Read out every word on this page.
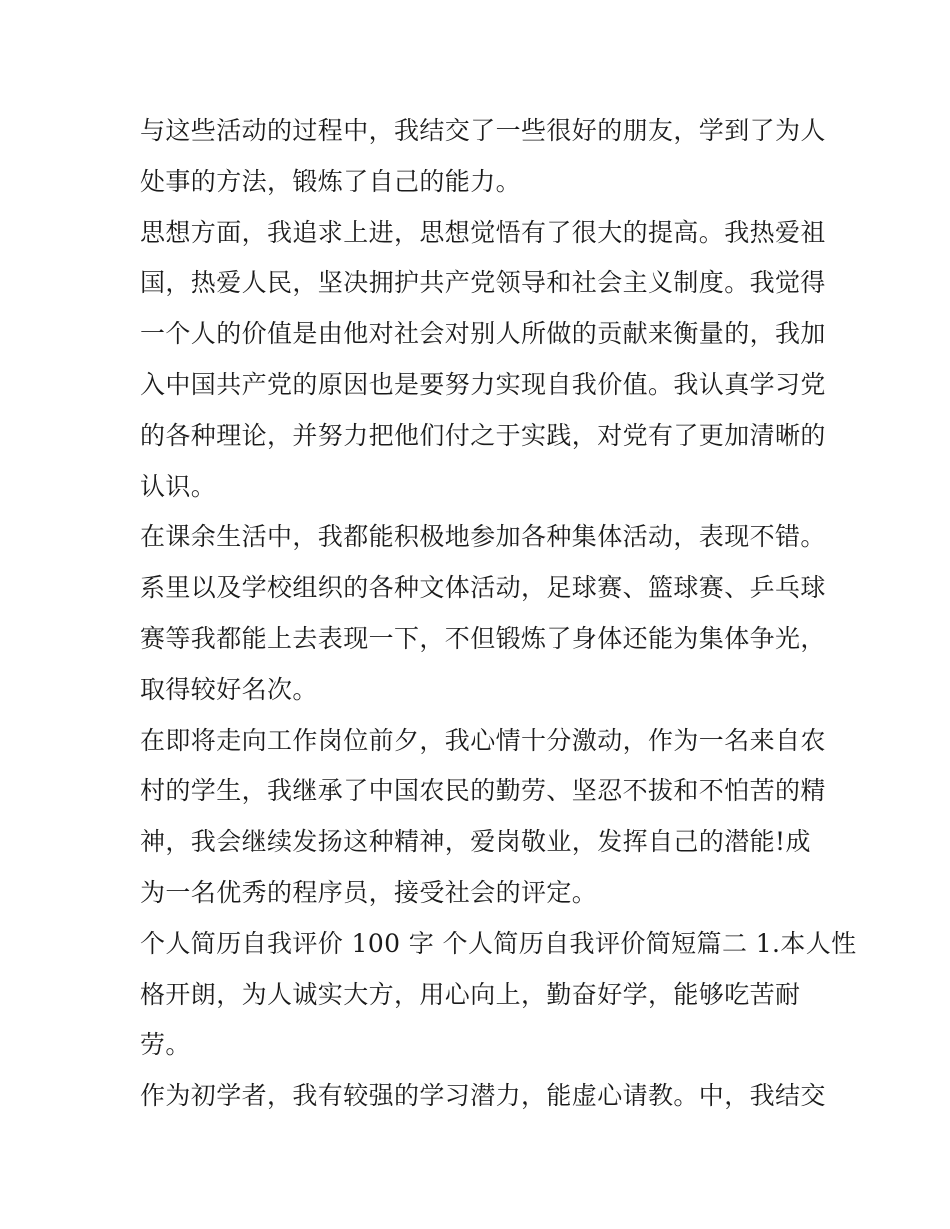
与这些活动的过程中，我结交了一些很好的朋友，学到了为人
处事的方法，锻炼了自己的能力。

思想方面，我追求上进，思想觉悟有了很大的提高。我热爱祖
国，热爱人民，坚决拥护共产党领导和社会主义制度。我觉得
一个人的价值是由他对社会对别人所做的贡献来衡量的，我加
入中国共产党的原因也是要努力实现自我价值。我认真学习党
的各种理论，并努力把他们付之于实践，对党有了更加清晰的
认识。

在课余生活中，我都能积极地参加各种集体活动，表现不错。
系里以及学校组织的各种文体活动，足球赛、篮球赛、乒乓球
赛等我都能上去表现一下，不但锻炼了身体还能为集体争光，
取得较好名次。

在即将走向工作岗位前夕，我心情十分激动，作为一名来自农
村的学生，我继承了中国农民的勤劳、坚忍不拔和不怕苦的精
神，我会继续发扬这种精神，爱岗敬业，发挥自己的潜能!成
为一名优秀的程序员，接受社会的评定。

个人简历自我评价 100 字 个人简历自我评价简短篇二 1.本人性
格开朗，为人诚实大方，用心向上，勤奋好学，能够吃苦耐
劳。

作为初学者，我有较强的学习潜力，能虚心请教。中，我结交
